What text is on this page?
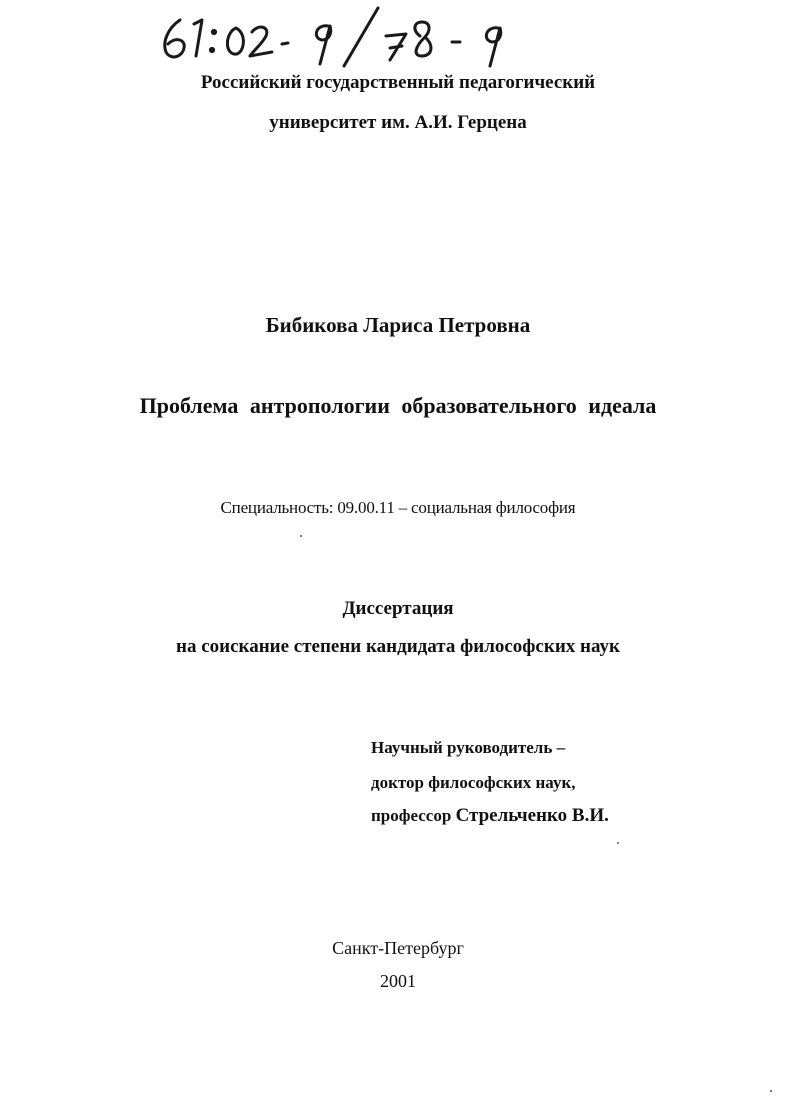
Российский государственный педагогический
университет им. А.И. Герцена
Бибикова Лариса Петровна
Проблема антропологии образовательного идеала
Специальность: 09.00.11 – социальная философия
Диссертация
на соискание степени кандидата философских наук
Научный руководитель –
доктор философских наук,
профессор Стрельченко В.И.
Санкт-Петербург
2001
